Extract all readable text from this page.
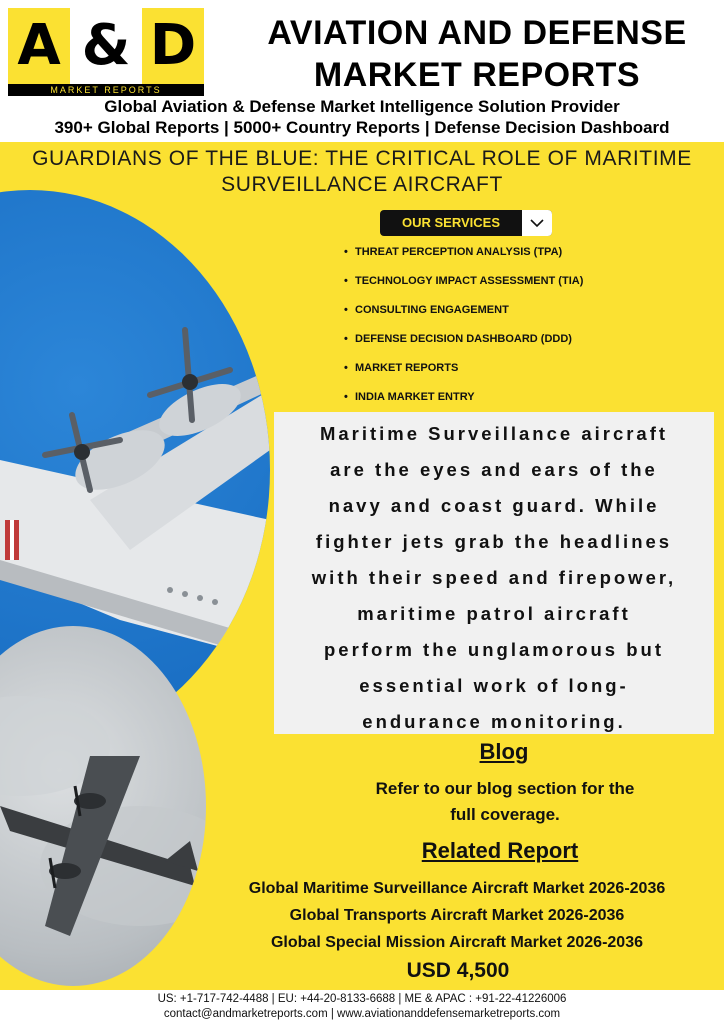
A & D
MARKET REPORTS
AVIATION AND DEFENSE
MARKET REPORTS
Global Aviation & Defense Market Intelligence Solution Provider
390+ Global Reports | 5000+ Country Reports | Defense Decision Dashboard
GUARDIANS OF THE BLUE: THE CRITICAL ROLE OF MARITIME
SURVEILLANCE AIRCRAFT
OUR SERVICES
• THREAT PERCEPTION ANALYSIS (TPA)
• TECHNOLOGY IMPACT ASSESSMENT (TIA)
• CONSULTING ENGAGEMENT
• DEFENSE DECISION DASHBOARD (DDD)
• MARKET REPORTS
• INDIA MARKET ENTRY
Maritime Surveillance aircraft
are the eyes and ears of the
navy and coast guard. While
fighter jets grab the headlines
with their speed and firepower,
maritime patrol aircraft
perform the unglamorous but
essential work of long-
endurance monitoring.
Blog
Refer to our blog section for the
full coverage.
Related Report
Global Maritime Surveillance Aircraft Market 2026-2036
Global Transports Aircraft Market 2026-2036
Global Special Mission Aircraft Market 2026-2036
USD 4,500
US: +1-717-742-4488 | EU: +44-20-8133-6688 | ME & APAC : +91-22-41226006
contact@andmarketreports.com | www.aviationanddefensemarketreports.com
